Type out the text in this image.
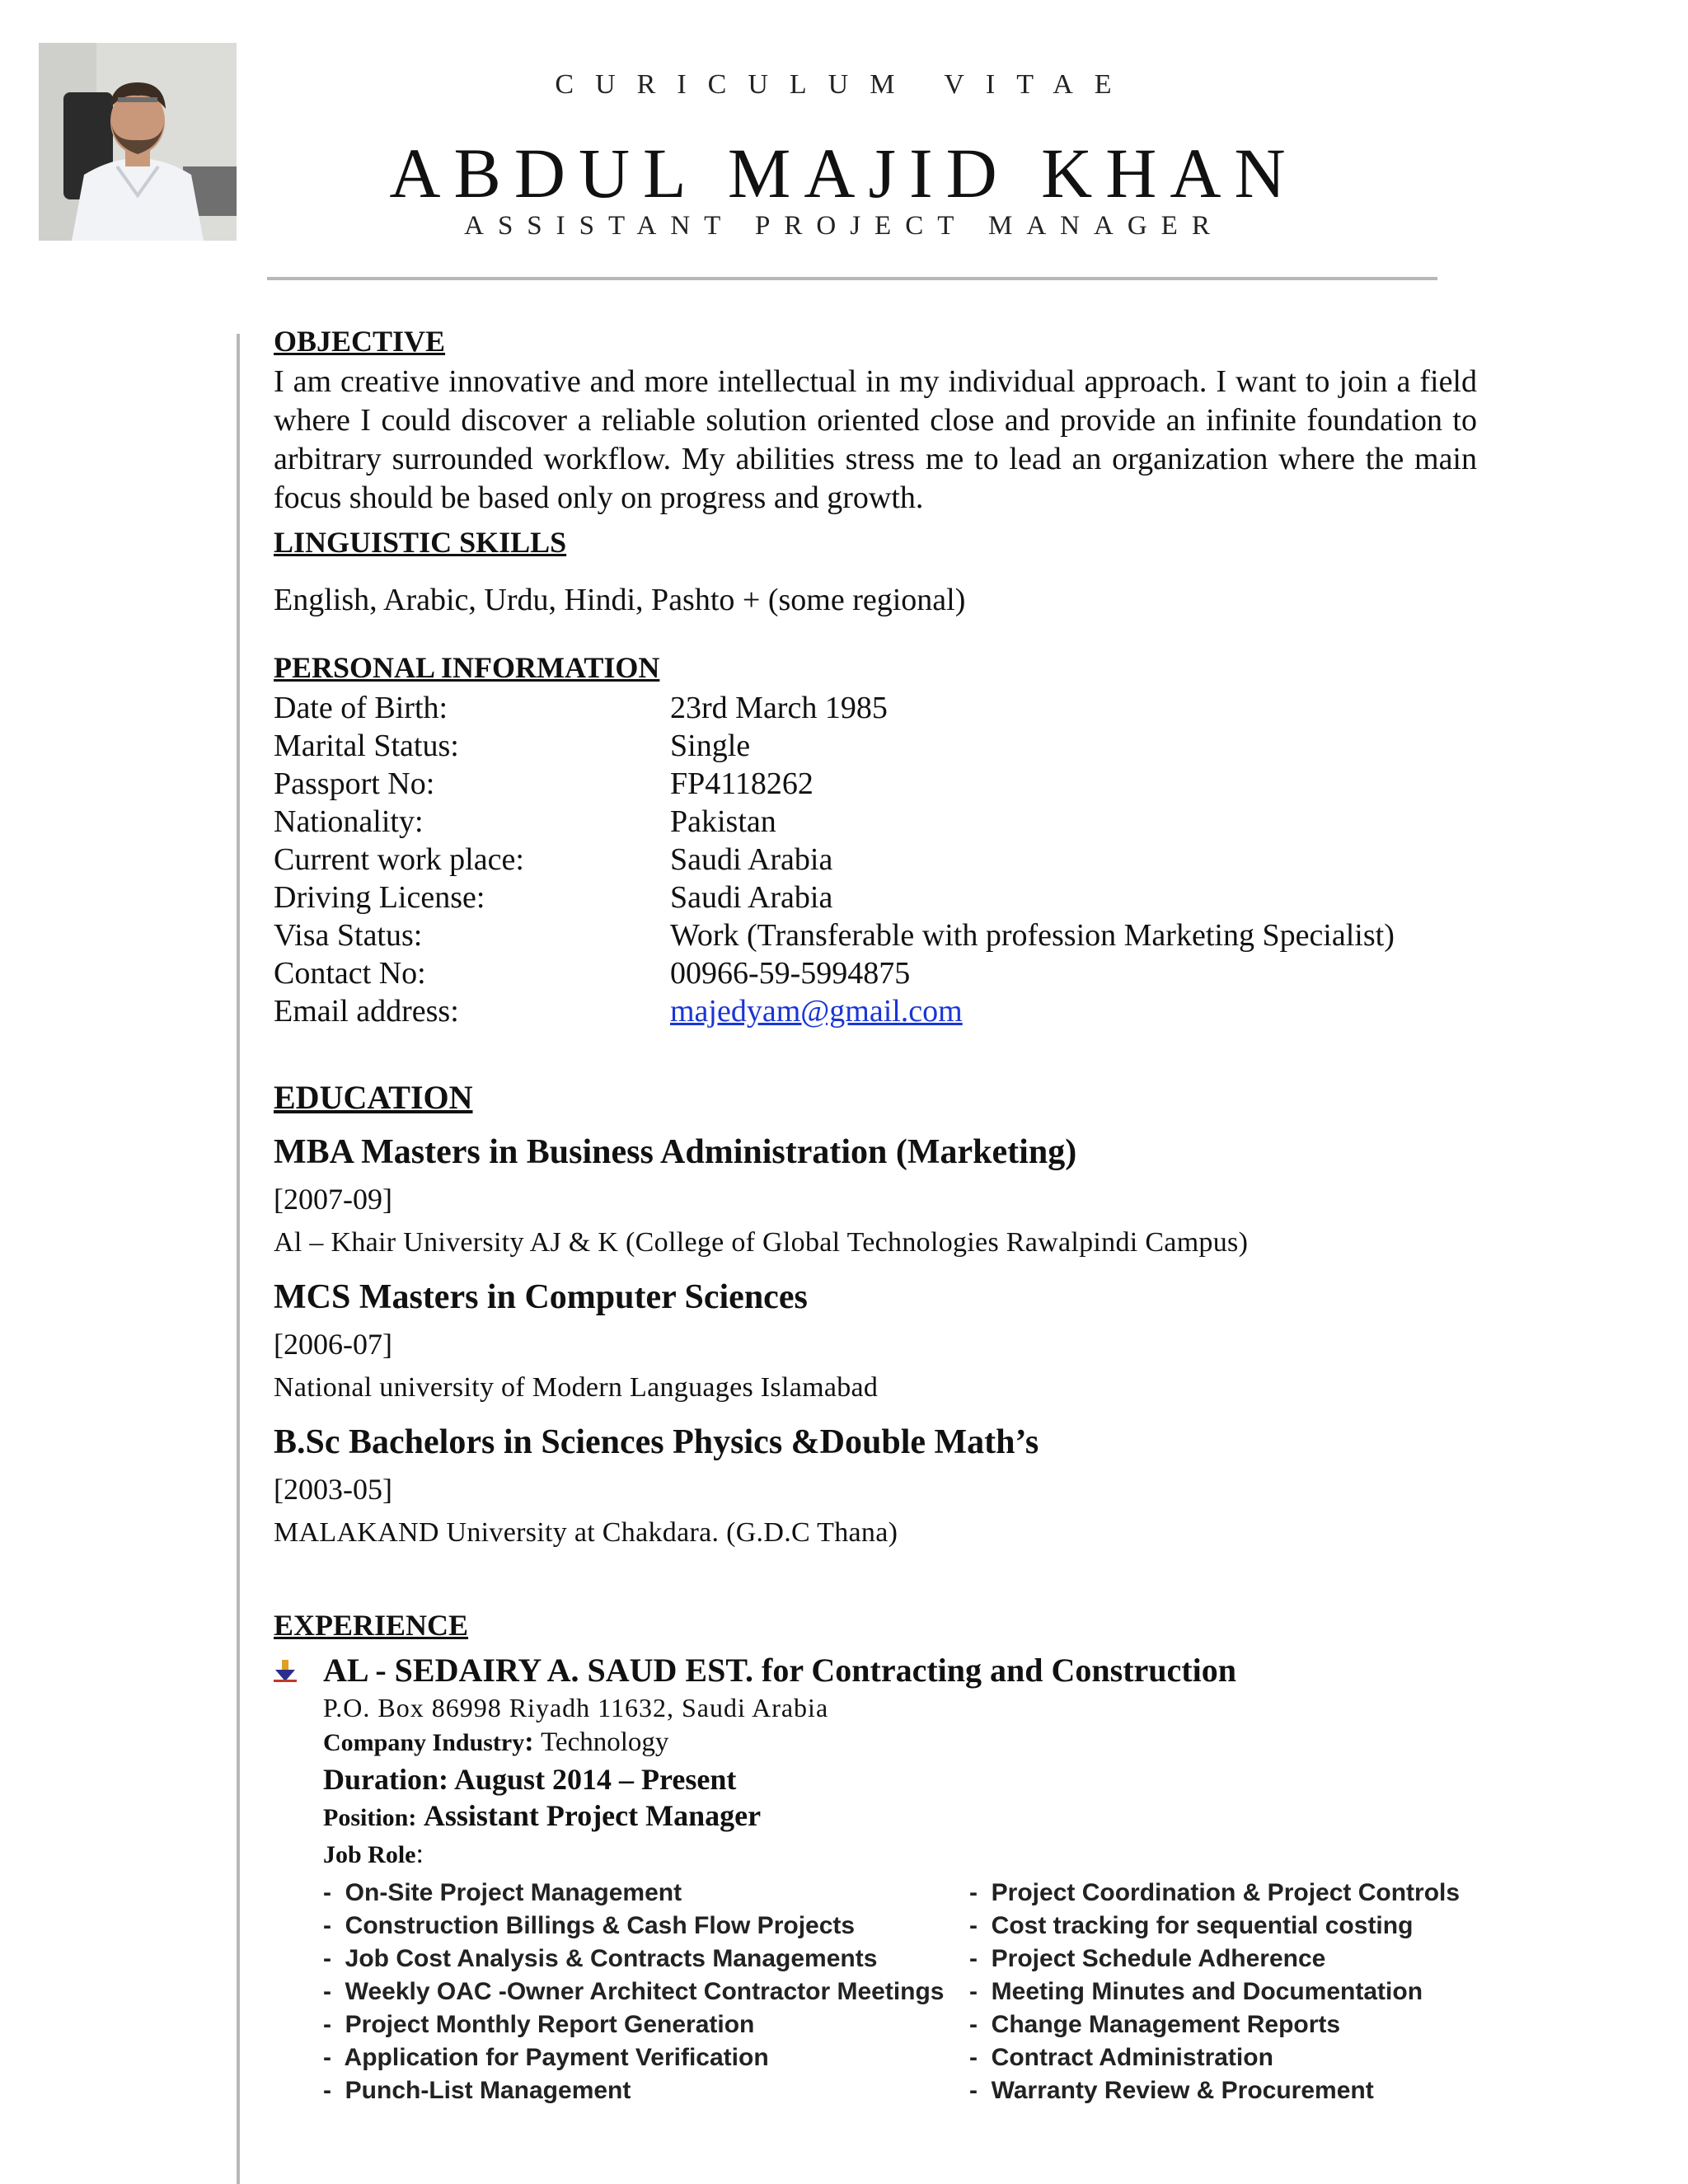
CURICULUM VITAE
ABDUL MAJID KHAN
ASSISTANT PROJECT MANAGER

OBJECTIVE

I am creative innovative and more intellectual in my individual approach. I want to join a field where I could discover a reliable solution oriented close and provide an infinite foundation to arbitrary surrounded workflow. My abilities stress me to lead an organization where the main focus should be based only on progress and growth.

LINGUISTIC SKILLS

English, Arabic, Urdu, Hindi, Pashto + (some regional)

PERSONAL INFORMATION

Date of Birth:	23rd March 1985
Marital Status:	Single
Passport No:	FP4118262
Nationality:	Pakistan
Current work place:	Saudi Arabia
Driving License:	Saudi Arabia
Visa Status:	Work (Transferable with profession Marketing Specialist)
Contact No:	00966-59-5994875
Email address:	majedyam@gmail.com
EDUCATION
MBA Masters in Business Administration (Marketing)
[2007-09]
Al – Khair University AJ & K (College of Global Technologies Rawalpindi Campus)
MCS Masters in Computer Sciences
[2006-07]
National university of Modern Languages Islamabad
B.Sc Bachelors in Sciences Physics &Double Math’s
[2003-05]
MALAKAND University at Chakdara. (G.D.C Thana)
EXPERIENCE
AL - SEDAIRY A. SAUD EST. for Contracting and Construction
P.O. Box 86998 Riyadh 11632, Saudi Arabia
Company Industry: Technology
Duration: August 2014 – Present
Position: Assistant Project Manager
Job Role:
- On-Site Project Management	- Project Coordination & Project Controls
- Construction Billings & Cash Flow Projects	- Cost tracking for sequential costing
- Job Cost Analysis & Contracts Managements	- Project Schedule Adherence
- Weekly OAC -Owner Architect Contractor Meetings	- Meeting Minutes and Documentation
- Project Monthly Report Generation	- Change Management Reports
- Application for Payment Verification	- Contract Administration
- Punch-List Management	- Warranty Review & Procurement
